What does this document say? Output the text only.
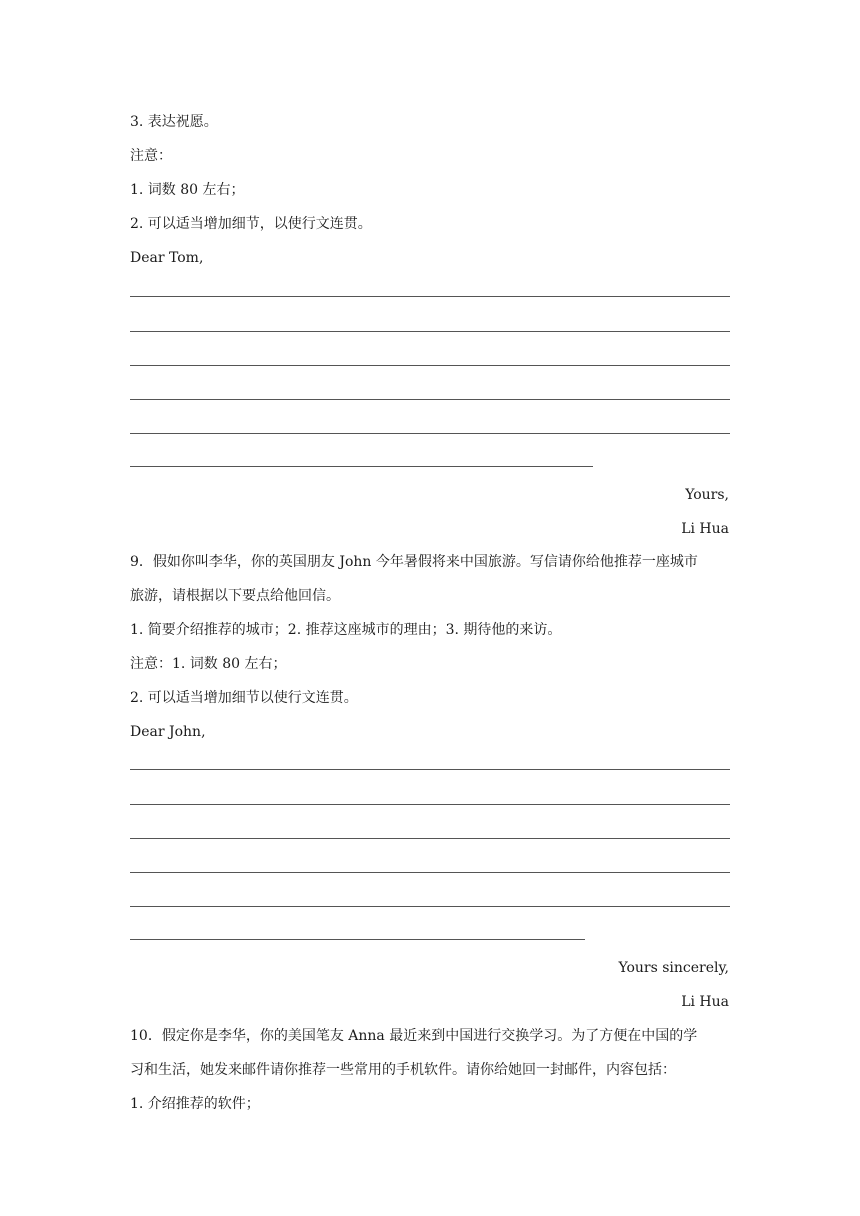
3. 表达祝愿。
注意：
1. 词数 80 左右；
2. 可以适当增加细节，以使行文连贯。
Dear Tom,
Yours,
Li Hua
9．假如你叫李华，你的英国朋友 John 今年暑假将来中国旅游。写信请你给他推荐一座城市
旅游，请根据以下要点给他回信。
1. 简要介绍推荐的城市；2. 推荐这座城市的理由；3. 期待他的来访。
注意：1. 词数 80 左右；
2. 可以适当增加细节以使行文连贯。
Dear John,
Yours sincerely,
Li Hua
10．假定你是李华，你的美国笔友 Anna 最近来到中国进行交换学习。为了方便在中国的学
习和生活，她发来邮件请你推荐一些常用的手机软件。请你给她回一封邮件，内容包括：
1. 介绍推荐的软件；
